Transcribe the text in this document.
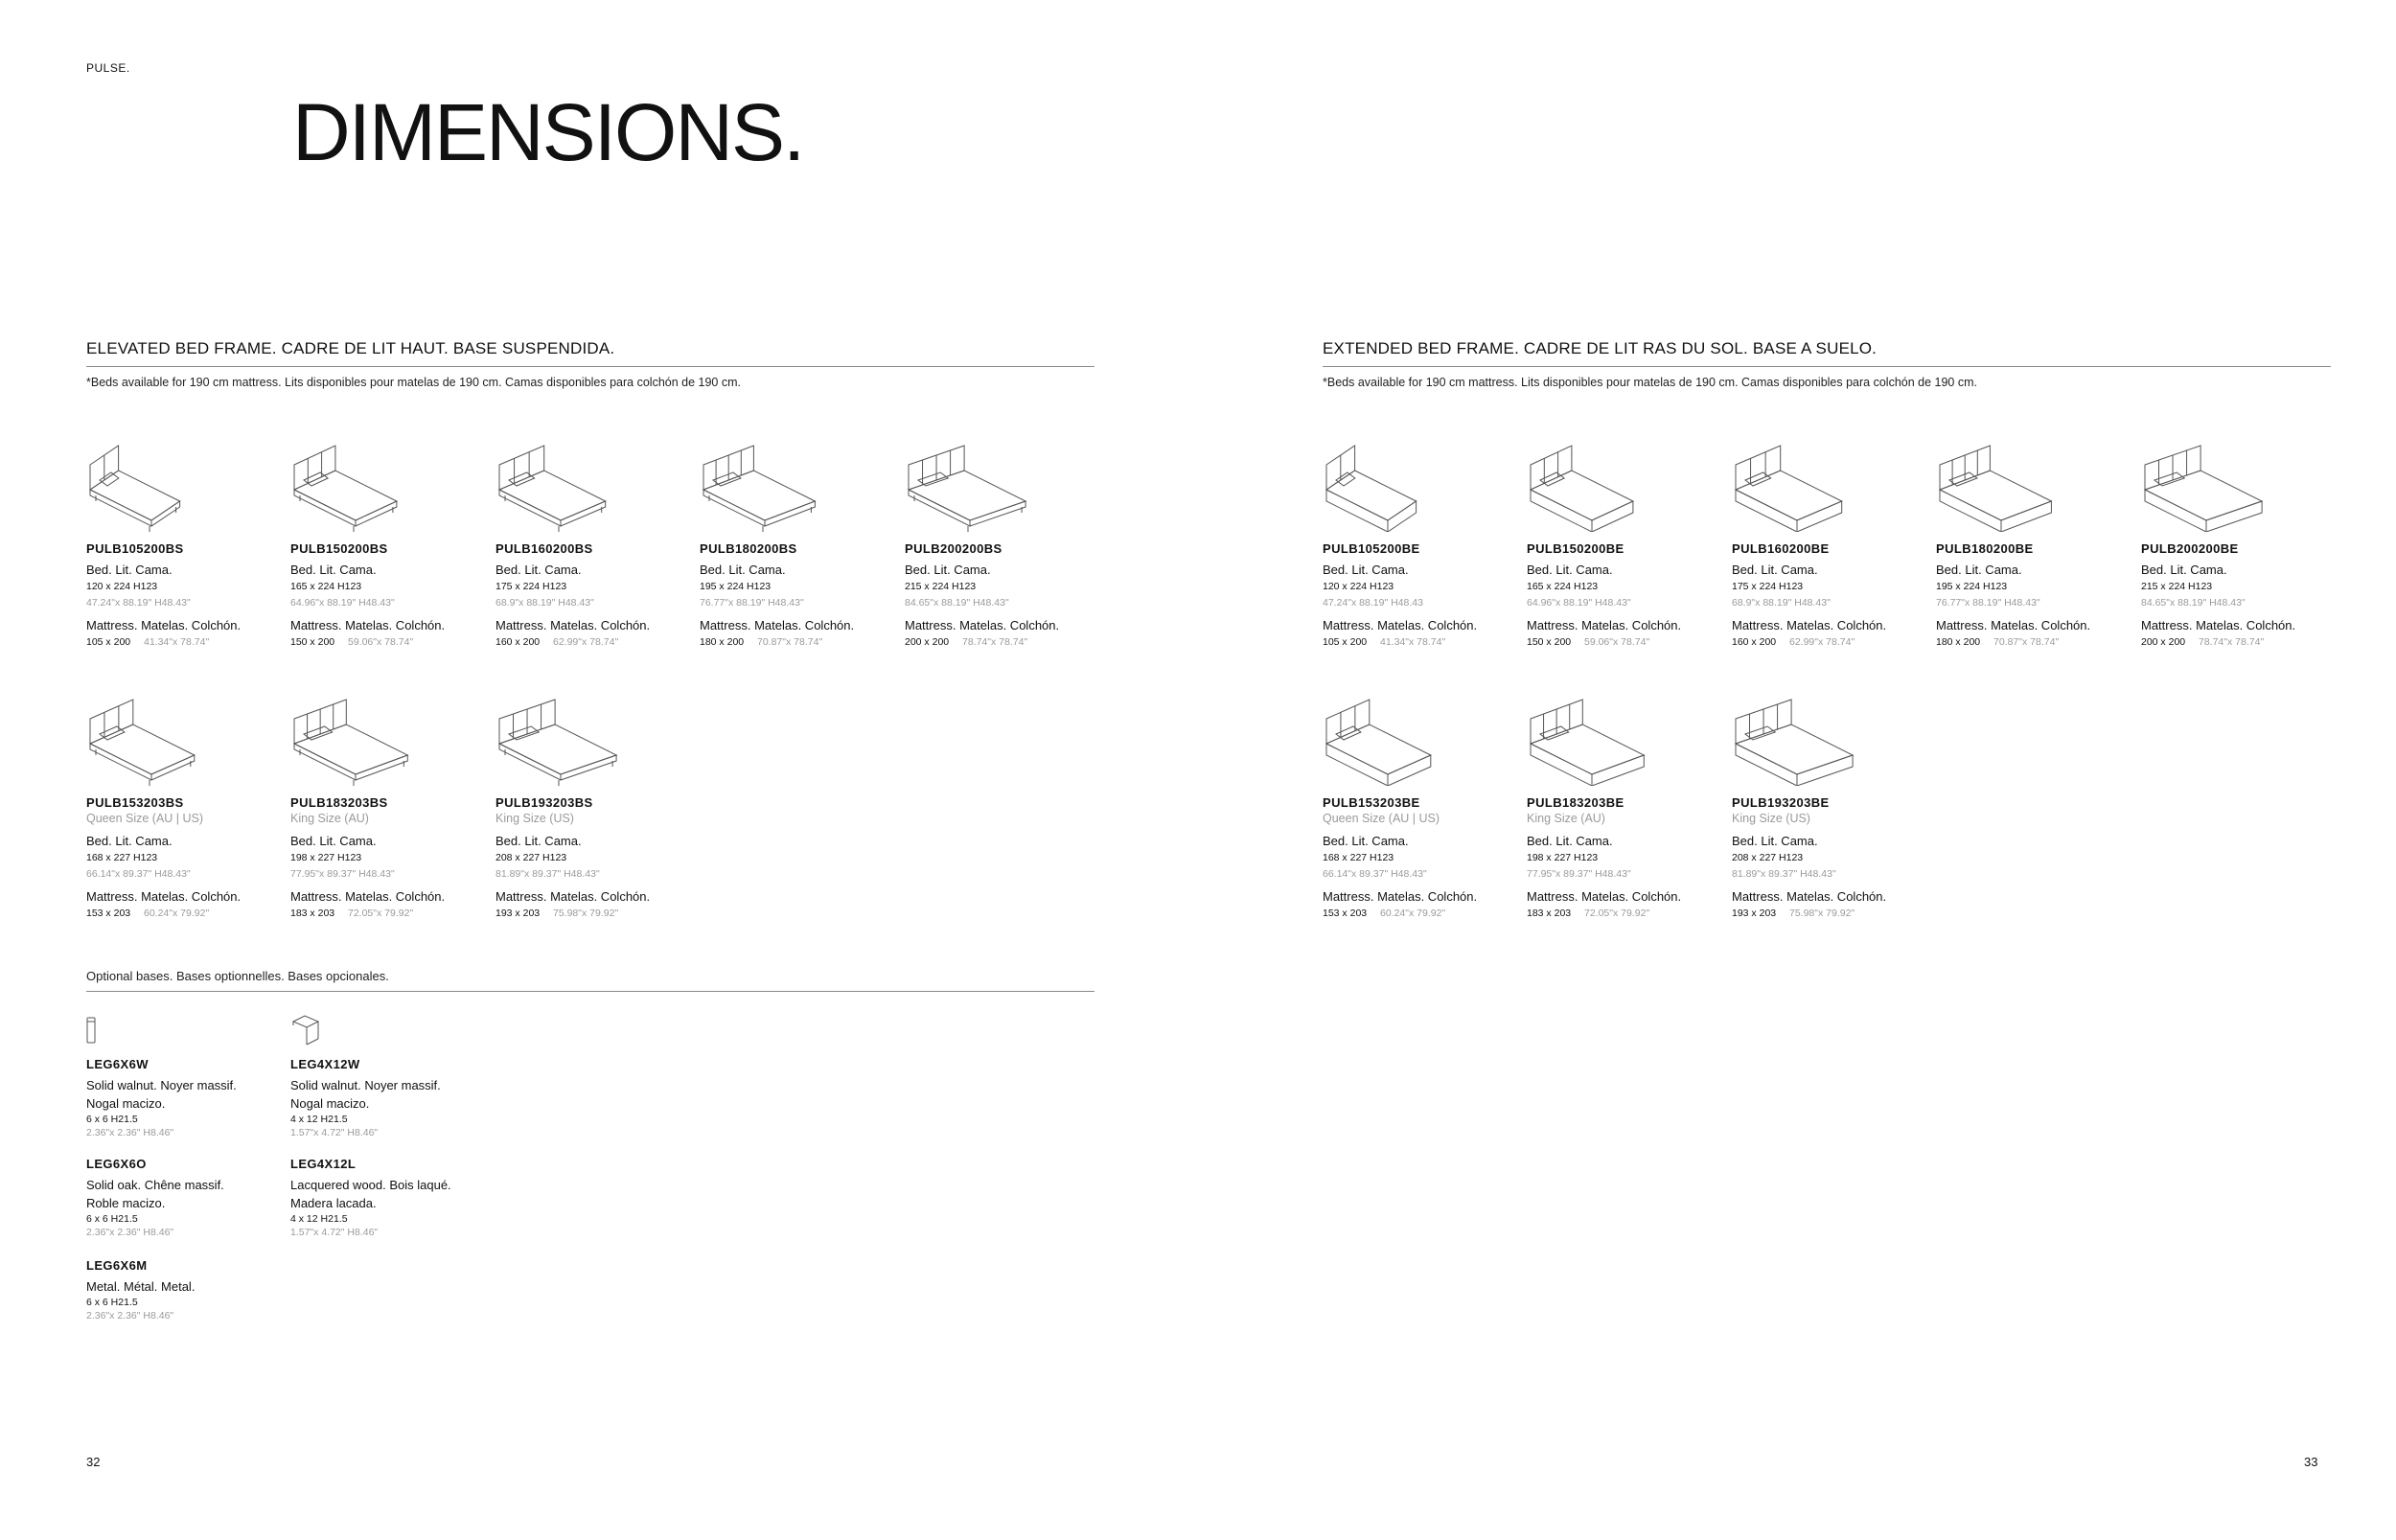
PULSE.
DIMENSIONS.
ELEVATED BED FRAME. CADRE DE LIT HAUT. BASE SUSPENDIDA.
*Beds available for 190 cm mattress. Lits disponibles pour matelas de 190 cm. Camas disponibles para colchón de 190 cm.
EXTENDED BED FRAME. CADRE DE LIT RAS DU SOL. BASE A SUELO.
*Beds available for 190 cm mattress. Lits disponibles pour matelas de 190 cm. Camas disponibles para colchón de 190 cm.
PULB105200BS
Bed. Lit. Cama.
120 x 224 H123
47.24"x 88.19" H48.43"
Mattress. Matelas. Colchón.
105 x 200 41.34"x 78.74"
PULB150200BS
Bed. Lit. Cama.
165 x 224 H123
64.96"x 88.19" H48.43"
Mattress. Matelas. Colchón.
150 x 200 59.06"x 78.74"
PULB160200BS
Bed. Lit. Cama.
175 x 224 H123
68.9"x 88.19" H48.43"
Mattress. Matelas. Colchón.
160 x 200 62.99"x 78.74"
PULB180200BS
Bed. Lit. Cama.
195 x 224 H123
76.77"x 88.19" H48.43"
Mattress. Matelas. Colchón.
180 x 200 70.87"x 78.74"
PULB200200BS
Bed. Lit. Cama.
215 x 224 H123
84.65"x 88.19" H48.43"
Mattress. Matelas. Colchón.
200 x 200 78.74"x 78.74"
PULB153203BS
Queen Size (AU | US)
Bed. Lit. Cama.
168 x 227 H123
66.14"x 89.37" H48.43"
Mattress. Matelas. Colchón.
153 x 203 60.24"x 79.92"
PULB183203BS
King Size (AU)
Bed. Lit. Cama.
198 x 227 H123
77.95"x 89.37" H48.43"
Mattress. Matelas. Colchón.
183 x 203 72.05"x 79.92"
PULB193203BS
King Size (US)
Bed. Lit. Cama.
208 x 227 H123
81.89"x 89.37" H48.43"
Mattress. Matelas. Colchón.
193 x 203 75.98"x 79.92"
PULB105200BE
Bed. Lit. Cama.
120 x 224 H123
47.24"x 88.19" H48.43
Mattress. Matelas. Colchón.
105 x 200 41.34"x 78.74"
PULB150200BE
Bed. Lit. Cama.
165 x 224 H123
64.96"x 88.19" H48.43"
Mattress. Matelas. Colchón.
150 x 200 59.06"x 78.74"
PULB160200BE
Bed. Lit. Cama.
175 x 224 H123
68.9"x 88.19" H48.43"
Mattress. Matelas. Colchón.
160 x 200 62.99"x 78.74"
PULB180200BE
Bed. Lit. Cama.
195 x 224 H123
76.77"x 88.19" H48.43"
Mattress. Matelas. Colchón.
180 x 200 70.87"x 78.74"
PULB200200BE
Bed. Lit. Cama.
215 x 224 H123
84.65"x 88.19" H48.43"
Mattress. Matelas. Colchón.
200 x 200 78.74"x 78.74"
PULB153203BE
Queen Size (AU | US)
Bed. Lit. Cama.
168 x 227 H123
66.14"x 89.37" H48.43"
Mattress. Matelas. Colchón.
153 x 203 60.24"x 79.92"
PULB183203BE
King Size (AU)
Bed. Lit. Cama.
198 x 227 H123
77.95"x 89.37" H48.43"
Mattress. Matelas. Colchón.
183 x 203 72.05"x 79.92"
PULB193203BE
King Size (US)
Bed. Lit. Cama.
208 x 227 H123
81.89"x 89.37" H48.43"
Mattress. Matelas. Colchón.
193 x 203 75.98"x 79.92"
Optional bases. Bases optionnelles. Bases opcionales.
LEG6X6W
Solid walnut. Noyer massif.
Nogal macizo.
6 x 6 H21.5
2.36"x 2.36" H8.46"
LEG6X6O
Solid oak. Chêne massif.
Roble macizo.
6 x 6 H21.5
2.36"x 2.36" H8.46"
LEG6X6M
Metal. Métal. Metal.
6 x 6 H21.5
2.36"x 2.36" H8.46"
LEG4X12W
Solid walnut. Noyer massif.
Nogal macizo.
4 x 12 H21.5
1.57"x 4.72" H8.46"
LEG4X12L
Lacquered wood. Bois laqué.
Madera lacada.
4 x 12 H21.5
1.57"x 4.72" H8.46"
32	33
